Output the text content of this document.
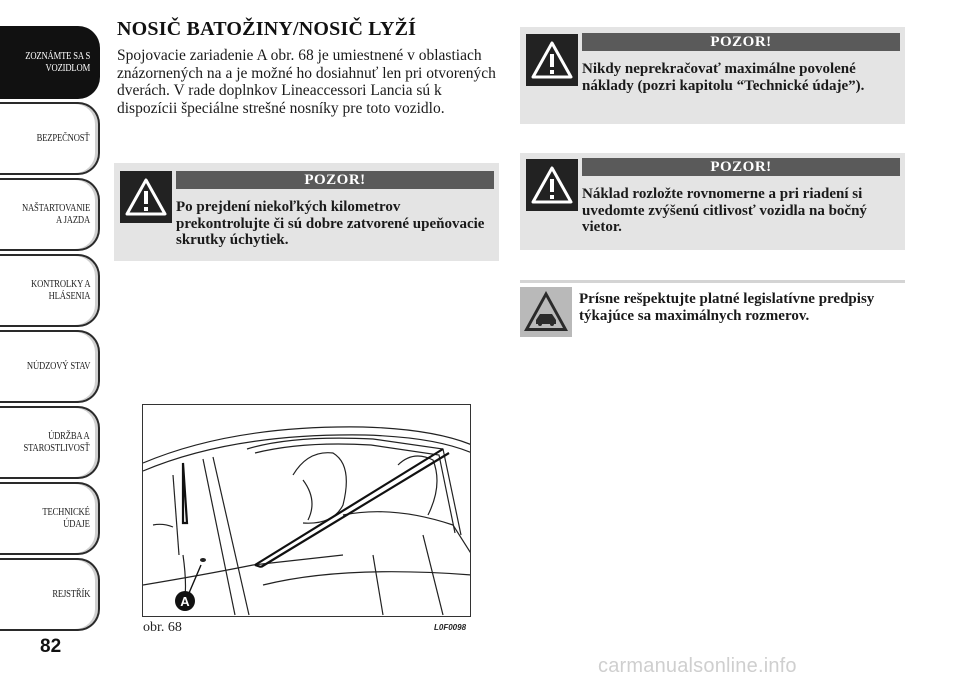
ZOZNÁMTE SA S
VOZIDLOM
BEZPEČNOSŤ
NAŠTARTOVANIE
A JAZDA
KONTROLKY A
HLÁSENIA
NÚDZOVÝ STAV
ÚDRŽBA A
STAROSTLIVOSŤ
TECHNICKÉ
ÚDAJE
REJSTŘÍK
82
NOSIČ BATOŽINY/NOSIČ LYŽÍ
Spojovacie zariadenie A obr. 68 je umiestnené v oblastiach znázornených na a je možné ho dosiahnuť len pri otvorených dverách. V rade doplnkov Lineaccessori Lancia sú k dispozícii špeciálne strešné nosníky pre toto vozidlo.
POZOR!
Po prejdení niekoľkých kilometrov prekontrolujte či sú dobre zatvorené upeňovacie skrutky úchytiek.
A
obr. 68	L0F0098
POZOR!
Nikdy neprekračovať maximálne povolené náklady (pozri kapitolu “Technické údaje”).
POZOR!
Náklad rozložte rovnomerne a pri riadení si uvedomte zvýšenú citlivosť vozidla na bočný vietor.
Prísne rešpektujte platné legislatívne predpisy týkajúce sa maximálnych rozmerov.
carmanualsonline.info
